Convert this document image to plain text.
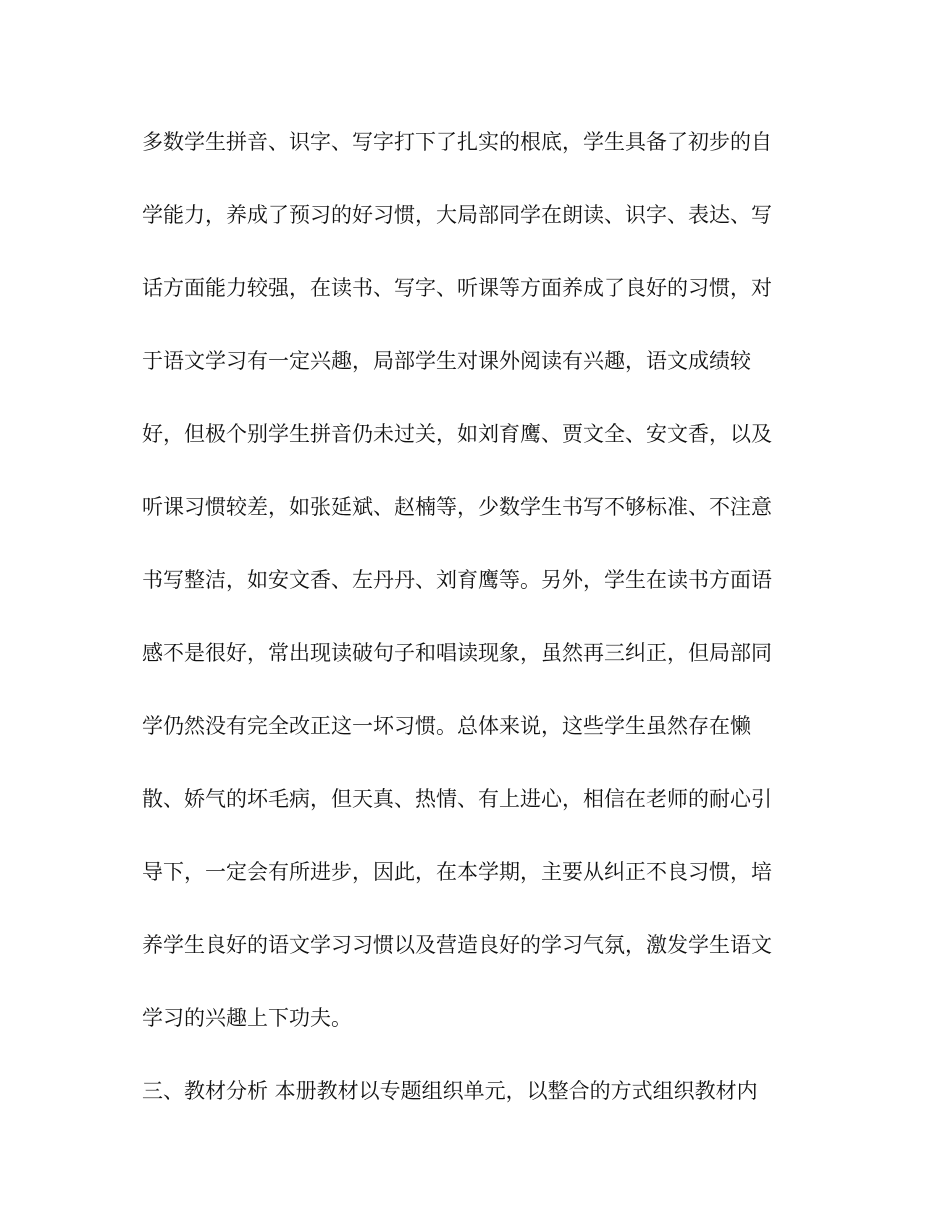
多数学生拼音、识字、写字打下了扎实的根底，学生具备了初步的自
学能力，养成了预习的好习惯，大局部同学在朗读、识字、表达、写
话方面能力较强，在读书、写字、听课等方面养成了良好的习惯，对
于语文学习有一定兴趣，局部学生对课外阅读有兴趣，语文成绩较
好，但极个别学生拼音仍未过关，如刘育鹰、贾文全、安文香，以及
听课习惯较差，如张延斌、赵楠等，少数学生书写不够标准、不注意
书写整洁，如安文香、左丹丹、刘育鹰等。另外，学生在读书方面语
感不是很好，常出现读破句子和唱读现象，虽然再三纠正，但局部同
学仍然没有完全改正这一坏习惯。总体来说，这些学生虽然存在懒
散、娇气的坏毛病，但天真、热情、有上进心，相信在老师的耐心引
导下，一定会有所进步，因此，在本学期，主要从纠正不良习惯，培
养学生良好的语文学习习惯以及营造良好的学习气氛，激发学生语文
学习的兴趣上下功夫。
三、教材分析 本册教材以专题组织单元，以整合的方式组织教材内
